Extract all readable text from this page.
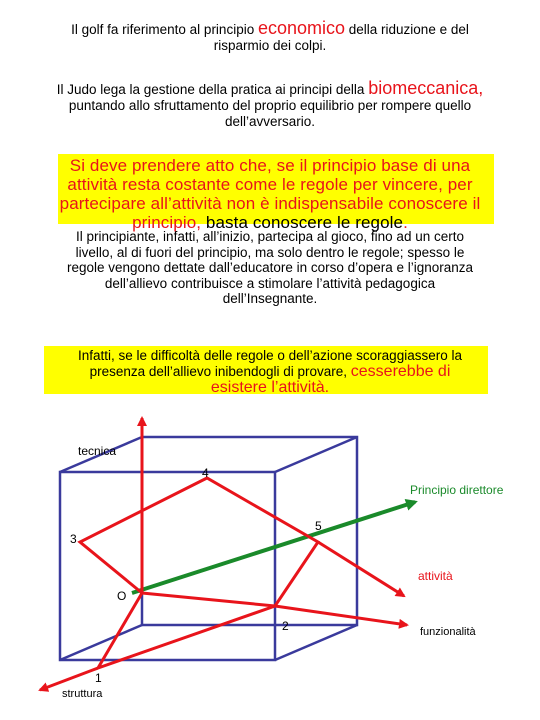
Il golf fa riferimento al principio economico della riduzione e del
risparmio dei colpi.
Il Judo lega la gestione della pratica ai principi della biomeccanica,
puntando allo sfruttamento del proprio equilibrio per rompere quello
dell’avversario.
Si deve prendere atto che, se il principio base di una
attività resta costante come le regole per vincere, per
partecipare all’attività non è indispensabile conoscere il
principio, basta conoscere le regole.
Il principiante, infatti, all’inizio, partecipa al gioco, fino ad un certo
livello, al di fuori del principio, ma solo dentro le regole; spesso le
regole vengono dettate dall’educatore in corso d’opera e l’ignoranza
dell’allievo contribuisce a stimolare l’attività pedagogica
dell’Insegnante.
Infatti, se le difficoltà delle regole o dell’azione scoraggiassero la
presenza dell’allievo inibendogli di provare, cesserebbe di
esistere l’attività.
tecnica
Principio direttore
attività
funzionalità
struttura
O
1
2
3
4
5
